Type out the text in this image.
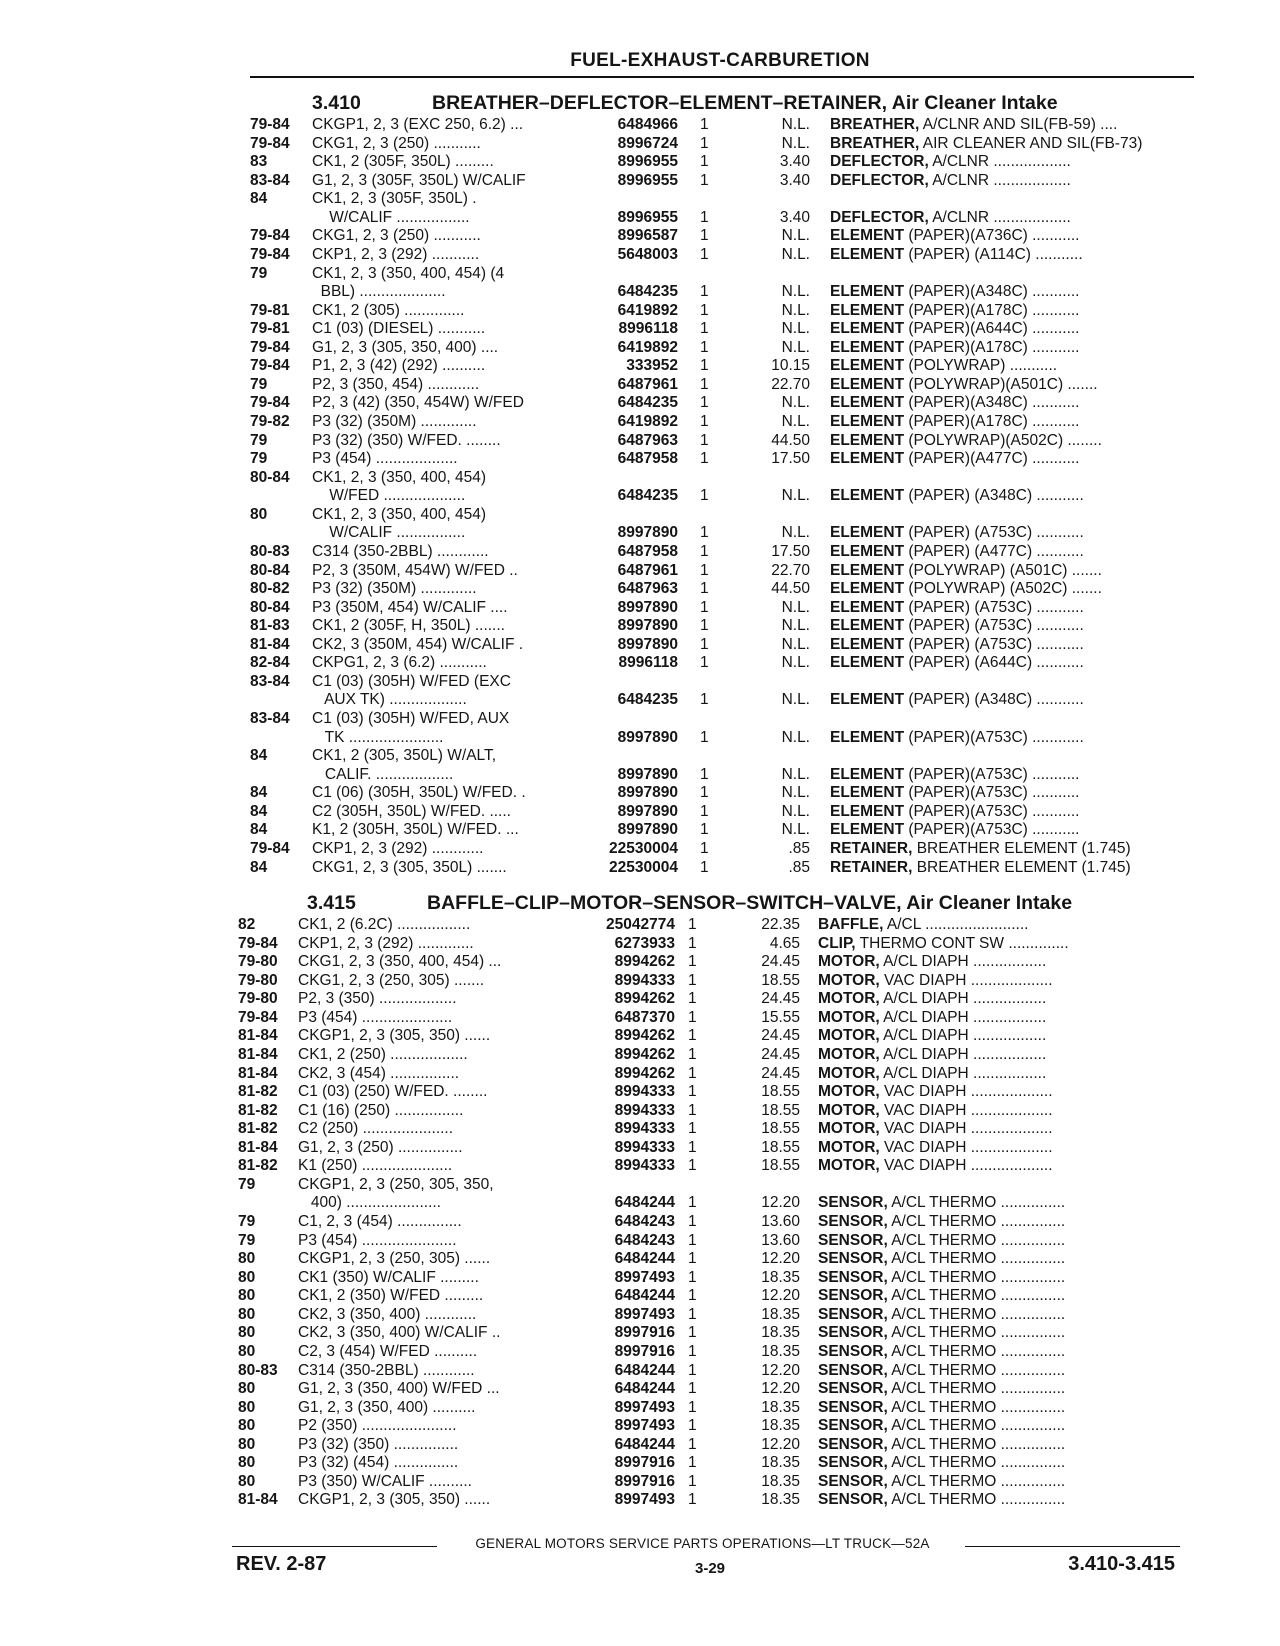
FUEL-EXHAUST-CARBURETION
3.410	BREATHER–DEFLECTOR–ELEMENT–RETAINER, Air Cleaner Intake
79-84	CKGP1, 2, 3 (EXC 250, 6.2) ...	6484966 1	N.L. BREATHER, A/CLNR AND SIL(FB-59) ....
79-84	CKG1, 2, 3 (250) ...........	8996724 1	N.L. BREATHER, AIR CLEANER AND SIL(FB-73)
83	CK1, 2 (305F, 350L) .........	8996955 1	3.40 DEFLECTOR, A/CLNR ..................
83-84	G1, 2, 3 (305F, 350L) W/CALIF	8996955 1	3.40 DEFLECTOR, A/CLNR ..................
84	CK1, 2, 3 (305F, 350L) .
W/CALIF .................	8996955 1	3.40 DEFLECTOR, A/CLNR ..................
79-84	CKG1, 2, 3 (250) ...........	8996587 1	N.L. ELEMENT (PAPER)(A736C) ...........
79-84	CKP1, 2, 3 (292) ...........	5648003 1	N.L. ELEMENT (PAPER) (A114C) ...........
79	CK1, 2, 3 (350, 400, 454) (4
BBL) ....................	6484235 1	N.L. ELEMENT (PAPER)(A348C) ...........
79-81	CK1, 2 (305) ..............	6419892 1	N.L. ELEMENT (PAPER)(A178C) ...........
79-81	C1 (03) (DIESEL) ...........	8996118 1	N.L. ELEMENT (PAPER)(A644C) ...........
79-84	G1, 2, 3 (305, 350, 400) ....	6419892 1	N.L. ELEMENT (PAPER)(A178C) ...........
79-84	P1, 2, 3 (42) (292) ..........	333952 1	10.15 ELEMENT (POLYWRAP) ...........
79	P2, 3 (350, 454) ............	6487961 1	22.70 ELEMENT (POLYWRAP)(A501C) .......
79-84	P2, 3 (42) (350, 454W) W/FED	6484235 1	N.L. ELEMENT (PAPER)(A348C) ...........
79-82	P3 (32) (350M) .............	6419892 1	N.L. ELEMENT (PAPER)(A178C) ...........
79	P3 (32) (350) W/FED. ........	6487963 1	44.50 ELEMENT (POLYWRAP)(A502C) ........
79	P3 (454) ...................	6487958 1	17.50 ELEMENT (PAPER)(A477C) ...........
80-84	CK1, 2, 3 (350, 400, 454)
W/FED ...................	6484235 1	N.L. ELEMENT (PAPER) (A348C) ...........
80	CK1, 2, 3 (350, 400, 454)
W/CALIF ................	8997890 1	N.L. ELEMENT (PAPER) (A753C) ...........
80-83	C314 (350-2BBL) ............	6487958 1	17.50 ELEMENT (PAPER) (A477C) ...........
80-84	P2, 3 (350M, 454W) W/FED ..	6487961 1	22.70 ELEMENT (POLYWRAP) (A501C) .......
80-82	P3 (32) (350M) .............	6487963 1	44.50 ELEMENT (POLYWRAP) (A502C) .......
80-84	P3 (350M, 454) W/CALIF ....	8997890 1	N.L. ELEMENT (PAPER) (A753C) ...........
81-83	CK1, 2 (305F, H, 350L) .......	8997890 1	N.L. ELEMENT (PAPER) (A753C) ...........
81-84	CK2, 3 (350M, 454) W/CALIF .	8997890 1	N.L. ELEMENT (PAPER) (A753C) ...........
82-84	CKPG1, 2, 3 (6.2) ...........	8996118 1	N.L. ELEMENT (PAPER) (A644C) ...........
83-84	C1 (03) (305H) W/FED (EXC
AUX TK) ..................	6484235 1	N.L. ELEMENT (PAPER) (A348C) ...........
83-84	C1 (03) (305H) W/FED, AUX
TK ......................	8997890 1	N.L. ELEMENT (PAPER)(A753C) ............
84	CK1, 2 (305, 350L) W/ALT,
CALIF. ..................	8997890 1	N.L. ELEMENT (PAPER)(A753C) ...........
84	C1 (06) (305H, 350L) W/FED. .	8997890 1	N.L. ELEMENT (PAPER)(A753C) ...........
84	C2 (305H, 350L) W/FED. .....	8997890 1	N.L. ELEMENT (PAPER)(A753C) ...........
84	K1, 2 (305H, 350L) W/FED. ...	8997890 1	N.L. ELEMENT (PAPER)(A753C) ...........
79-84	CKP1, 2, 3 (292) ............	22530004 1	.85 RETAINER, BREATHER ELEMENT (1.745)
84	CKG1, 2, 3 (305, 350L) .......	22530004 1	.85 RETAINER, BREATHER ELEMENT (1.745)
3.415	BAFFLE–CLIP–MOTOR–SENSOR–SWITCH–VALVE, Air Cleaner Intake
82	CK1, 2 (6.2C) .................	25042774 1	22.35 BAFFLE, A/CL ........................
79-84	CKP1, 2, 3 (292) .............	6273933 1	4.65 CLIP, THERMO CONT SW ..............
79-80	CKG1, 2, 3 (350, 400, 454) ...	8994262 1	24.45 MOTOR, A/CL DIAPH .................
79-80	CKG1, 2, 3 (250, 305) .......	8994333 1	18.55 MOTOR, VAC DIAPH ...................
79-80	P2, 3 (350) ..................	8994262 1	24.45 MOTOR, A/CL DIAPH .................
79-84	P3 (454) .....................	6487370 1	15.55 MOTOR, A/CL DIAPH .................
81-84	CKGP1, 2, 3 (305, 350) ......	8994262 1	24.45 MOTOR, A/CL DIAPH .................
81-84	CK1, 2 (250) ..................	8994262 1	24.45 MOTOR, A/CL DIAPH .................
81-84	CK2, 3 (454) ................	8994262 1	24.45 MOTOR, A/CL DIAPH .................
81-82	C1 (03) (250) W/FED. ........	8994333 1	18.55 MOTOR, VAC DIAPH ...................
81-82	C1 (16) (250) ................	8994333 1	18.55 MOTOR, VAC DIAPH ...................
81-82	C2 (250) .....................	8994333 1	18.55 MOTOR, VAC DIAPH ...................
81-84	G1, 2, 3 (250) ...............	8994333 1	18.55 MOTOR, VAC DIAPH ...................
81-82	K1 (250) .....................	8994333 1	18.55 MOTOR, VAC DIAPH ...................
79	CKGP1, 2, 3 (250, 305, 350,
400) ......................	6484244 1	12.20 SENSOR, A/CL THERMO ...............
79	C1, 2, 3 (454) ...............	6484243 1	13.60 SENSOR, A/CL THERMO ...............
79	P3 (454) ......................	6484243 1	13.60 SENSOR, A/CL THERMO ...............
80	CKGP1, 2, 3 (250, 305) ......	6484244 1	12.20 SENSOR, A/CL THERMO ...............
80	CK1 (350) W/CALIF .........	8997493 1	18.35 SENSOR, A/CL THERMO ...............
80	CK1, 2 (350) W/FED .........	6484244 1	12.20 SENSOR, A/CL THERMO ...............
80	CK2, 3 (350, 400) ............	8997493 1	18.35 SENSOR, A/CL THERMO ...............
80	CK2, 3 (350, 400) W/CALIF ..	8997916 1	18.35 SENSOR, A/CL THERMO ...............
80	C2, 3 (454) W/FED ..........	8997916 1	18.35 SENSOR, A/CL THERMO ...............
80-83	C314 (350-2BBL) ............	6484244 1	12.20 SENSOR, A/CL THERMO ...............
80	G1, 2, 3 (350, 400) W/FED ...	6484244 1	12.20 SENSOR, A/CL THERMO ...............
80	G1, 2, 3 (350, 400) ..........	8997493 1	18.35 SENSOR, A/CL THERMO ...............
80	P2 (350) ......................	8997493 1	18.35 SENSOR, A/CL THERMO ...............
80	P3 (32) (350) ...............	6484244 1	12.20 SENSOR, A/CL THERMO ...............
80	P3 (32) (454) ...............	8997916 1	18.35 SENSOR, A/CL THERMO ...............
80	P3 (350) W/CALIF ..........	8997916 1	18.35 SENSOR, A/CL THERMO ...............
81-84	CKGP1, 2, 3 (305, 350) ......	8997493 1	18.35 SENSOR, A/CL THERMO ...............
GENERAL MOTORS SERVICE PARTS OPERATIONS—LT TRUCK—52A
REV. 2-87	3-29	3.410-3.415
